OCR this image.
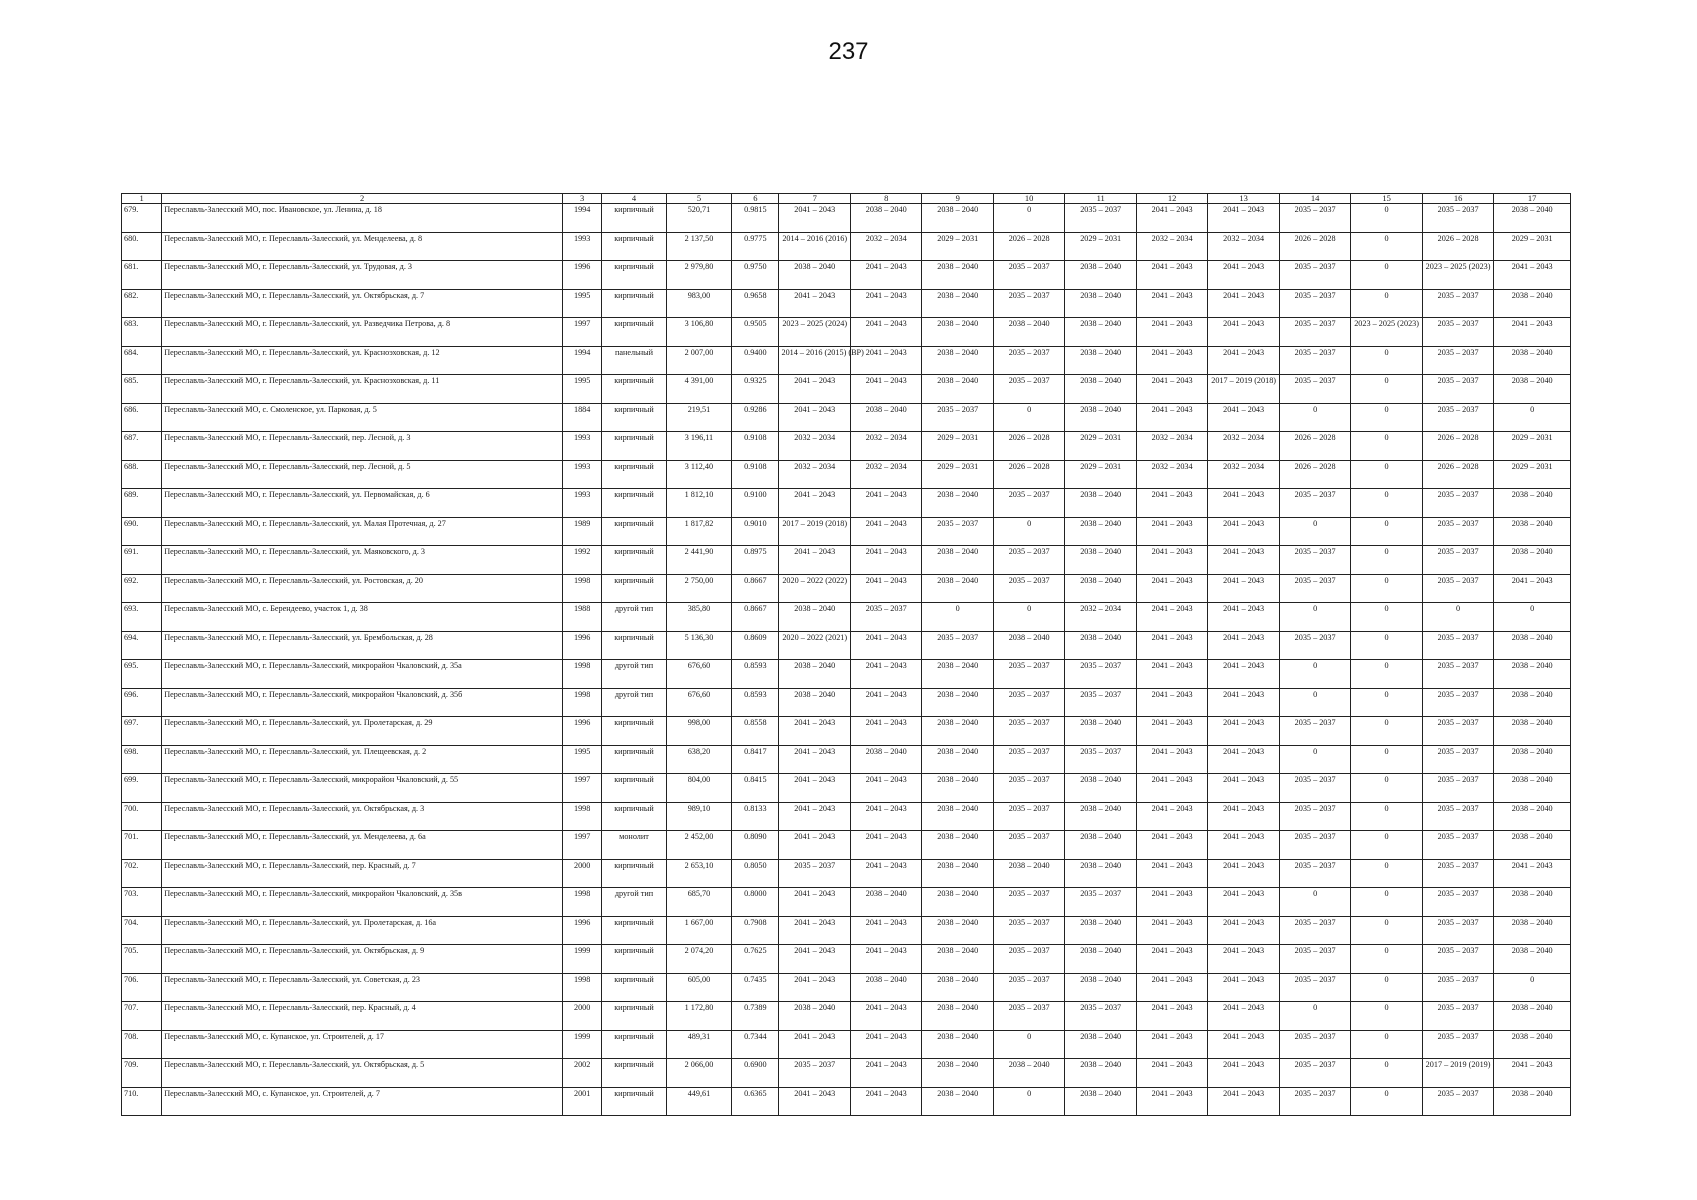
237
1	2	3	4	5	6	7	8	9	10	11	12	13	14	15	16	17
679.	Переславль-Залесский МО, пос. Ивановское, ул. Ленина, д. 18	1994	кирпичный	520,71	0.9815	2041 – 2043	2038 – 2040	2038 – 2040	0	2035 – 2037	2041 – 2043	2041 – 2043	2035 – 2037	0	2035 – 2037	2038 – 2040
680.	Переславль-Залесский МО, г. Переславль-Залесский, ул. Менделеева, д. 8	1993	кирпичный	2 137,50	0.9775	2014 – 2016 (2016)	2032 – 2034	2029 – 2031	2026 – 2028	2029 – 2031	2032 – 2034	2032 – 2034	2026 – 2028	0	2026 – 2028	2029 – 2031
681.	Переславль-Залесский МО, г. Переславль-Залесский, ул. Трудовая, д. 3	1996	кирпичный	2 979,80	0.9750	2038 – 2040	2041 – 2043	2038 – 2040	2035 – 2037	2038 – 2040	2041 – 2043	2041 – 2043	2035 – 2037	0	2023 – 2025 (2023)	2041 – 2043
682.	Переславль-Залесский МО, г. Переславль-Залесский, ул. Октябрьская, д. 7	1995	кирпичный	983,00	0.9658	2041 – 2043	2041 – 2043	2038 – 2040	2035 – 2037	2038 – 2040	2041 – 2043	2041 – 2043	2035 – 2037	0	2035 – 2037	2038 – 2040
683.	Переславль-Залесский МО, г. Переславль-Залесский, ул. Разведчика Петрова, д. 8	1997	кирпичный	3 106,80	0.9505	2023 – 2025 (2024)	2041 – 2043	2038 – 2040	2038 – 2040	2038 – 2040	2041 – 2043	2041 – 2043	2035 – 2037	2023 – 2025 (2023)	2035 – 2037	2041 – 2043
684.	Переславль-Залесский МО, г. Переславль-Залесский, ул. Красноэховская, д. 12	1994	панельный	2 007,00	0.9400	2014 – 2016 (2015) (ВР)	2041 – 2043	2038 – 2040	2035 – 2037	2038 – 2040	2041 – 2043	2041 – 2043	2035 – 2037	0	2035 – 2037	2038 – 2040
685.	Переславль-Залесский МО, г. Переславль-Залесский, ул. Красноэховская, д. 11	1995	кирпичный	4 391,00	0.9325	2041 – 2043	2041 – 2043	2038 – 2040	2035 – 2037	2038 – 2040	2041 – 2043	2017 – 2019 (2018)	2035 – 2037	0	2035 – 2037	2038 – 2040
686.	Переславль-Залесский МО, с. Смоленское, ул. Парковая, д. 5	1884	кирпичный	219,51	0.9286	2041 – 2043	2038 – 2040	2035 – 2037	0	2038 – 2040	2041 – 2043	2041 – 2043	0	0	2035 – 2037	0
687.	Переславль-Залесский МО, г. Переславль-Залесский, пер. Лесной, д. 3	1993	кирпичный	3 196,11	0.9108	2032 – 2034	2032 – 2034	2029 – 2031	2026 – 2028	2029 – 2031	2032 – 2034	2032 – 2034	2026 – 2028	0	2026 – 2028	2029 – 2031
688.	Переславль-Залесский МО, г. Переславль-Залесский, пер. Лесной, д. 5	1993	кирпичный	3 112,40	0.9108	2032 – 2034	2032 – 2034	2029 – 2031	2026 – 2028	2029 – 2031	2032 – 2034	2032 – 2034	2026 – 2028	0	2026 – 2028	2029 – 2031
689.	Переславль-Залесский МО, г. Переславль-Залесский, ул. Первомайская, д. 6	1993	кирпичный	1 812,10	0.9100	2041 – 2043	2041 – 2043	2038 – 2040	2035 – 2037	2038 – 2040	2041 – 2043	2041 – 2043	2035 – 2037	0	2035 – 2037	2038 – 2040
690.	Переславль-Залесский МО, г. Переславль-Залесский, ул. Малая Протечная, д. 27	1989	кирпичный	1 817,82	0.9010	2017 – 2019 (2018)	2041 – 2043	2035 – 2037	0	2038 – 2040	2041 – 2043	2041 – 2043	0	0	2035 – 2037	2038 – 2040
691.	Переславль-Залесский МО, г. Переславль-Залесский, ул. Маяковского, д. 3	1992	кирпичный	2 441,90	0.8975	2041 – 2043	2041 – 2043	2038 – 2040	2035 – 2037	2038 – 2040	2041 – 2043	2041 – 2043	2035 – 2037	0	2035 – 2037	2038 – 2040
692.	Переславль-Залесский МО, г. Переславль-Залесский, ул. Ростовская, д. 20	1998	кирпичный	2 750,00	0.8667	2020 – 2022 (2022)	2041 – 2043	2038 – 2040	2035 – 2037	2038 – 2040	2041 – 2043	2041 – 2043	2035 – 2037	0	2035 – 2037	2041 – 2043
693.	Переславль-Залесский МО, с. Берендеево, участок 1, д. 38	1988	другой тип	385,80	0.8667	2038 – 2040	2035 – 2037	0	0	2032 – 2034	2041 – 2043	2041 – 2043	0	0	0	0
694.	Переславль-Залесский МО, г. Переславль-Залесский, ул. Брембольская, д. 28	1996	кирпичный	5 136,30	0.8609	2020 – 2022 (2021)	2041 – 2043	2035 – 2037	2038 – 2040	2038 – 2040	2041 – 2043	2041 – 2043	2035 – 2037	0	2035 – 2037	2038 – 2040
695.	Переславль-Залесский МО, г. Переславль-Залесский, микрорайон Чкаловский, д. 35а	1998	другой тип	676,60	0.8593	2038 – 2040	2041 – 2043	2038 – 2040	2035 – 2037	2035 – 2037	2041 – 2043	2041 – 2043	0	0	2035 – 2037	2038 – 2040
696.	Переславль-Залесский МО, г. Переславль-Залесский, микрорайон Чкаловский, д. 35б	1998	другой тип	676,60	0.8593	2038 – 2040	2041 – 2043	2038 – 2040	2035 – 2037	2035 – 2037	2041 – 2043	2041 – 2043	0	0	2035 – 2037	2038 – 2040
697.	Переславль-Залесский МО, г. Переславль-Залесский, ул. Пролетарская, д. 29	1996	кирпичный	998,00	0.8558	2041 – 2043	2041 – 2043	2038 – 2040	2035 – 2037	2038 – 2040	2041 – 2043	2041 – 2043	2035 – 2037	0	2035 – 2037	2038 – 2040
698.	Переславль-Залесский МО, г. Переславль-Залесский, ул. Плещеевская, д. 2	1995	кирпичный	638,20	0.8417	2041 – 2043	2038 – 2040	2038 – 2040	2035 – 2037	2035 – 2037	2041 – 2043	2041 – 2043	0	0	2035 – 2037	2038 – 2040
699.	Переславль-Залесский МО, г. Переславль-Залесский, микрорайон Чкаловский, д. 55	1997	кирпичный	804,00	0.8415	2041 – 2043	2041 – 2043	2038 – 2040	2035 – 2037	2038 – 2040	2041 – 2043	2041 – 2043	2035 – 2037	0	2035 – 2037	2038 – 2040
700.	Переславль-Залесский МО, г. Переславль-Залесский, ул. Октябрьская, д. 3	1998	кирпичный	989,10	0.8133	2041 – 2043	2041 – 2043	2038 – 2040	2035 – 2037	2038 – 2040	2041 – 2043	2041 – 2043	2035 – 2037	0	2035 – 2037	2038 – 2040
701.	Переславль-Залесский МО, г. Переславль-Залесский, ул. Менделеева, д. 6а	1997	монолит	2 452,00	0.8090	2041 – 2043	2041 – 2043	2038 – 2040	2035 – 2037	2038 – 2040	2041 – 2043	2041 – 2043	2035 – 2037	0	2035 – 2037	2038 – 2040
702.	Переславль-Залесский МО, г. Переславль-Залесский, пер. Красный, д. 7	2000	кирпичный	2 653,10	0.8050	2035 – 2037	2041 – 2043	2038 – 2040	2038 – 2040	2038 – 2040	2041 – 2043	2041 – 2043	2035 – 2037	0	2035 – 2037	2041 – 2043
703.	Переславль-Залесский МО, г. Переславль-Залесский, микрорайон Чкаловский, д. 35в	1998	другой тип	685,70	0.8000	2041 – 2043	2038 – 2040	2038 – 2040	2035 – 2037	2035 – 2037	2041 – 2043	2041 – 2043	0	0	2035 – 2037	2038 – 2040
704.	Переславль-Залесский МО, г. Переславль-Залесский, ул. Пролетарская, д. 16а	1996	кирпичный	1 667,00	0.7908	2041 – 2043	2041 – 2043	2038 – 2040	2035 – 2037	2038 – 2040	2041 – 2043	2041 – 2043	2035 – 2037	0	2035 – 2037	2038 – 2040
705.	Переславль-Залесский МО, г. Переславль-Залесский, ул. Октябрьская, д. 9	1999	кирпичный	2 074,20	0.7625	2041 – 2043	2041 – 2043	2038 – 2040	2035 – 2037	2038 – 2040	2041 – 2043	2041 – 2043	2035 – 2037	0	2035 – 2037	2038 – 2040
706.	Переславль-Залесский МО, г. Переславль-Залесский, ул. Советская, д. 23	1998	кирпичный	605,00	0.7435	2041 – 2043	2038 – 2040	2038 – 2040	2035 – 2037	2038 – 2040	2041 – 2043	2041 – 2043	2035 – 2037	0	2035 – 2037	0
707.	Переславль-Залесский МО, г. Переславль-Залесский, пер. Красный, д. 4	2000	кирпичный	1 172,80	0.7389	2038 – 2040	2041 – 2043	2038 – 2040	2035 – 2037	2035 – 2037	2041 – 2043	2041 – 2043	0	0	2035 – 2037	2038 – 2040
708.	Переславль-Залесский МО, с. Купанское, ул. Строителей, д. 17	1999	кирпичный	489,31	0.7344	2041 – 2043	2041 – 2043	2038 – 2040	0	2038 – 2040	2041 – 2043	2041 – 2043	2035 – 2037	0	2035 – 2037	2038 – 2040
709.	Переславль-Залесский МО, г. Переславль-Залесский, ул. Октябрьская, д. 5	2002	кирпичный	2 066,00	0.6900	2035 – 2037	2041 – 2043	2038 – 2040	2038 – 2040	2038 – 2040	2041 – 2043	2041 – 2043	2035 – 2037	0	2017 – 2019 (2019)	2041 – 2043
710.	Переславль-Залесский МО, с. Купанское, ул. Строителей, д. 7	2001	кирпичный	449,61	0.6365	2041 – 2043	2041 – 2043	2038 – 2040	0	2038 – 2040	2041 – 2043	2041 – 2043	2035 – 2037	0	2035 – 2037	2038 – 2040
